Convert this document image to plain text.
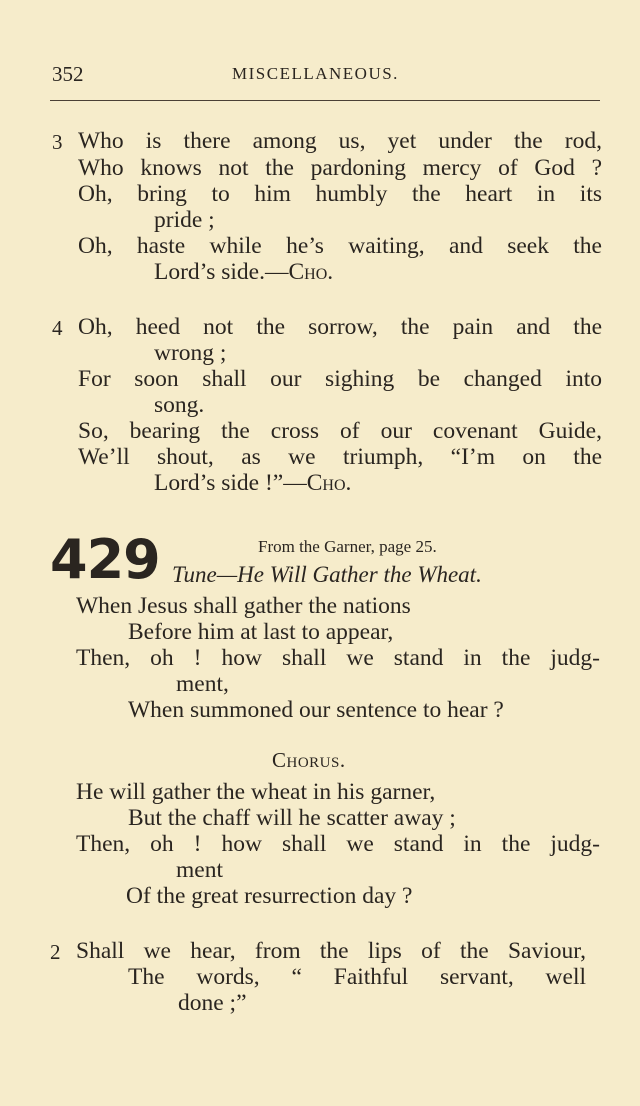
352	MISCELLANEOUS.
3 Who is there among us, yet under the rod,
Who knows not the pardoning mercy of God ?
Oh, bring to him humbly the heart in its
pride ;
Oh, haste while he’s waiting, and seek the
Lord’s side.—Cho.
4 Oh, heed not the sorrow, the pain and the
wrong ;
For soon shall our sighing be changed into
song.
So, bearing the cross of our covenant Guide,
We’ll shout, as we triumph, “I’m on the
Lord’s side !”—Cho.
429	From the Garner, page 25.
Tune—He Will Gather the Wheat.
When Jesus shall gather the nations
Before him at last to appear,
Then, oh ! how shall we stand in the judg-
ment,
When summoned our sentence to hear ?
Chorus.
He will gather the wheat in his garner,
But the chaff will he scatter away ;
Then, oh ! how shall we stand in the judg-
ment
Of the great resurrection day ?
2 Shall we hear, from the lips of the Saviour,
The words, “ Faithful servant, well
done ;”
